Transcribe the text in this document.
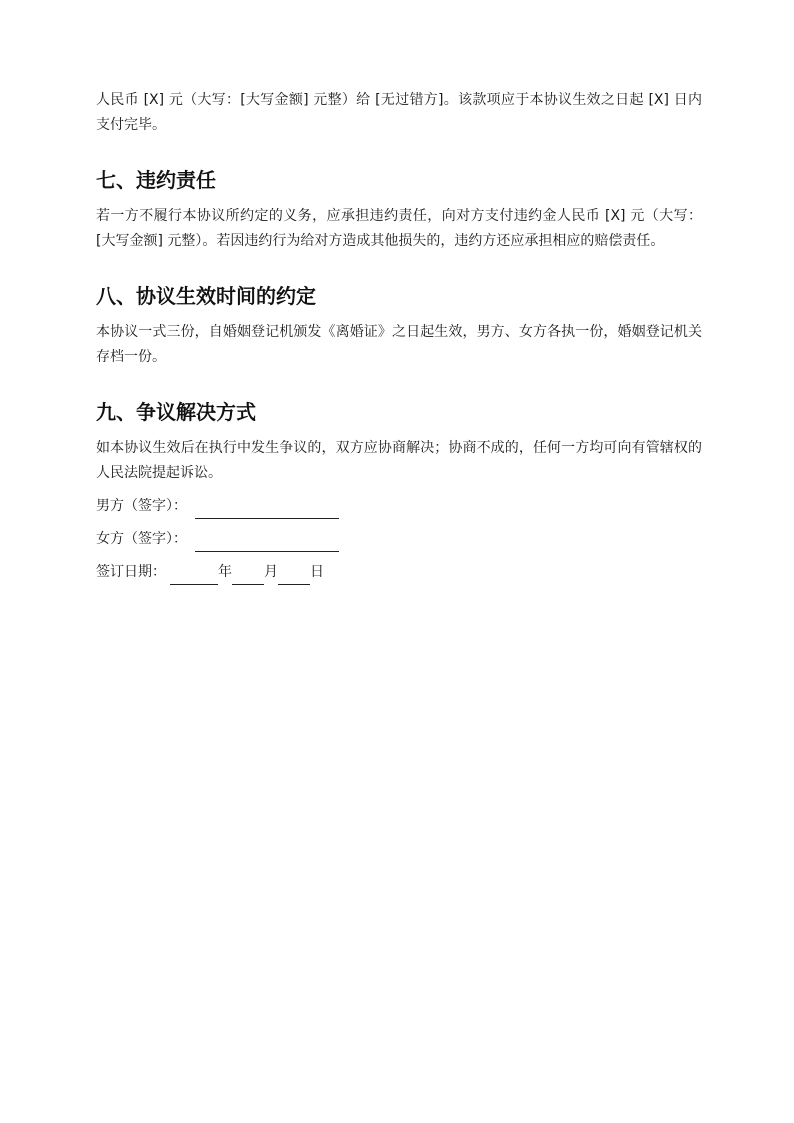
人民币 [X] 元（大写：[大写金额] 元整）给 [无过错方]。该款项应于本协议生效之日起 [X] 日内支付完毕。

七、违约责任

若一方不履行本协议所约定的义务，应承担违约责任，向对方支付违约金人民币 [X] 元（大写：[大写金额] 元整）。若因违约行为给对方造成其他损失的，违约方还应承担相应的赔偿责任。

八、协议生效时间的约定

本协议一式三份，自婚姻登记机颁发《离婚证》之日起生效，男方、女方各执一份，婚姻登记机关存档一份。

九、争议解决方式

如本协议生效后在执行中发生争议的，双方应协商解决；协商不成的，任何一方均可向有管辖权的人民法院提起诉讼。

男方（签字）：
女方（签字）：
签订日期：	年 月 日
